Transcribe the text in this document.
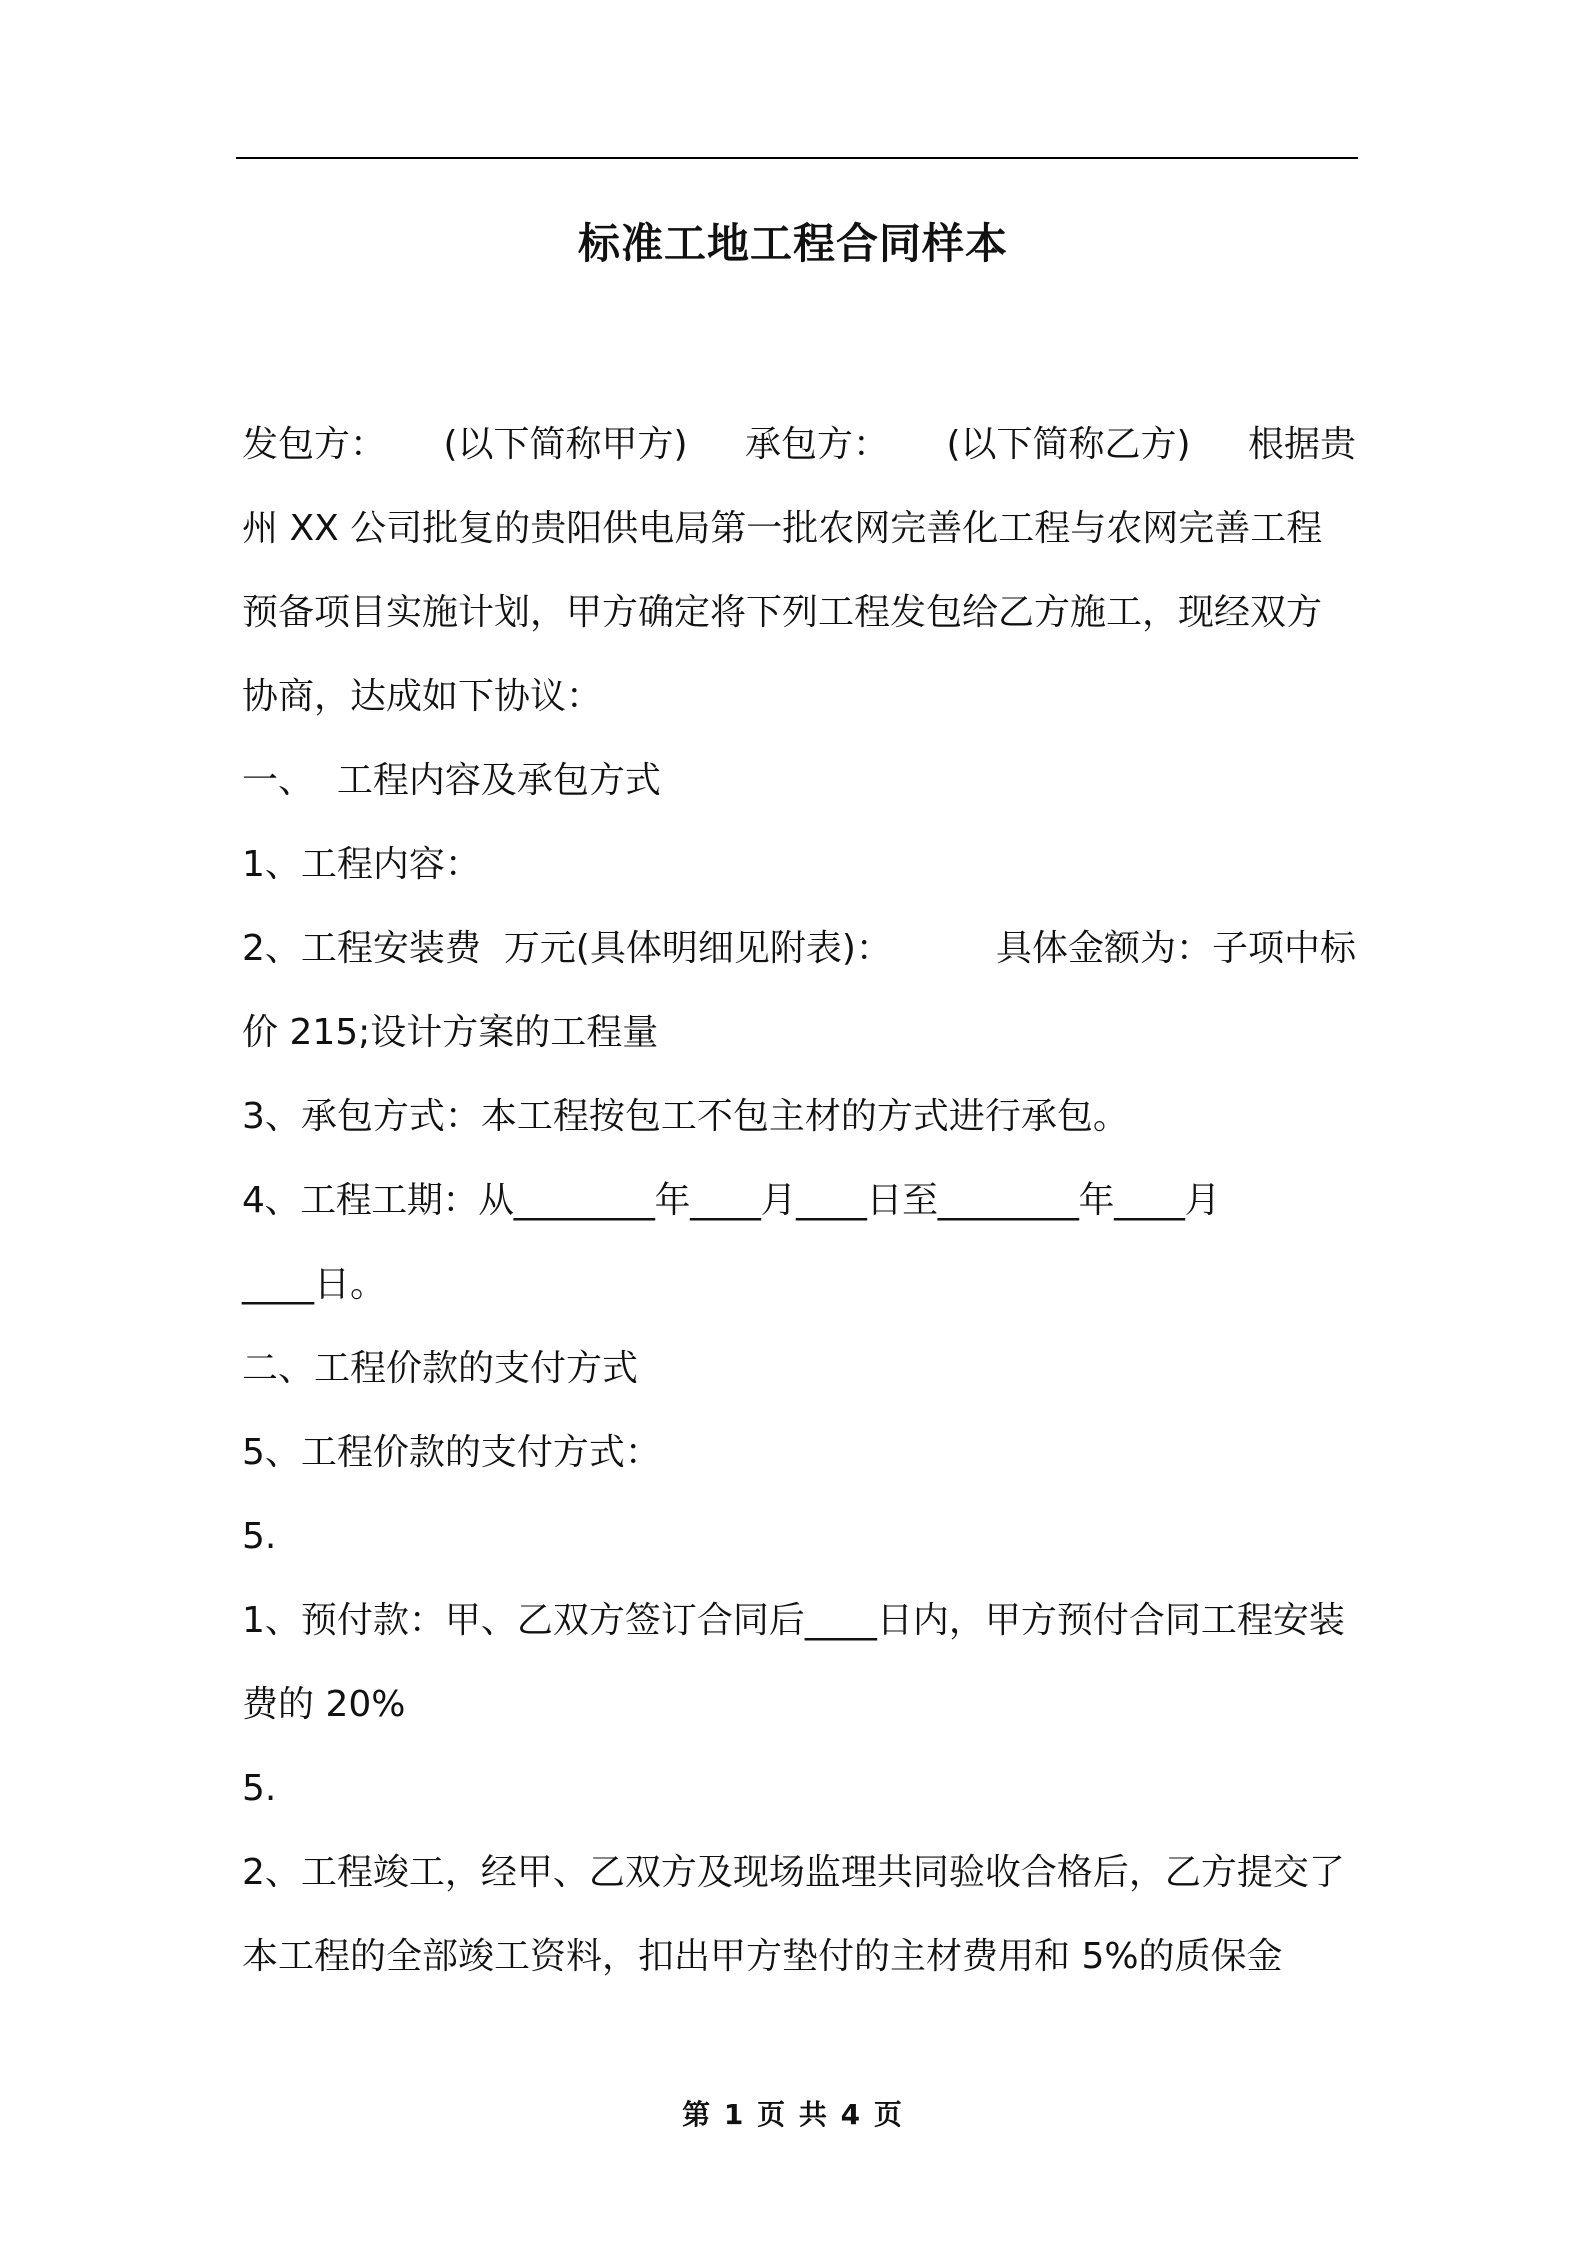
标准工地工程合同样本
发包方： (以下简称甲方) 承包方： (以下简称乙方) 根据贵

州 XX 公司批复的贵阳供电局第一批农网完善化工程与农网完善工程预备项目实施计划，甲方确定将下列工程发包给乙方施工，现经双方协商，达成如下协议：

一、  工程内容及承包方式

1、工程内容：

2、工程安装费  万元(具体明细见附表)：	具体金额为：子项中标

价 215;设计方案的工程量

3、承包方式：本工程按包工不包主材的方式进行承包。

4、工程工期：从________年____月____日至________年____月

____日。

二、工程价款的支付方式

5、工程价款的支付方式：

5.

1、预付款：甲、乙双方签订合同后____日内，甲方预付合同工程安装费的 20%

5.

2、工程竣工，经甲、乙双方及现场监理共同验收合格后，乙方提交了本工程的全部竣工资料，扣出甲方垫付的主材费用和 5%的质保金

第 1 页 共 4 页
